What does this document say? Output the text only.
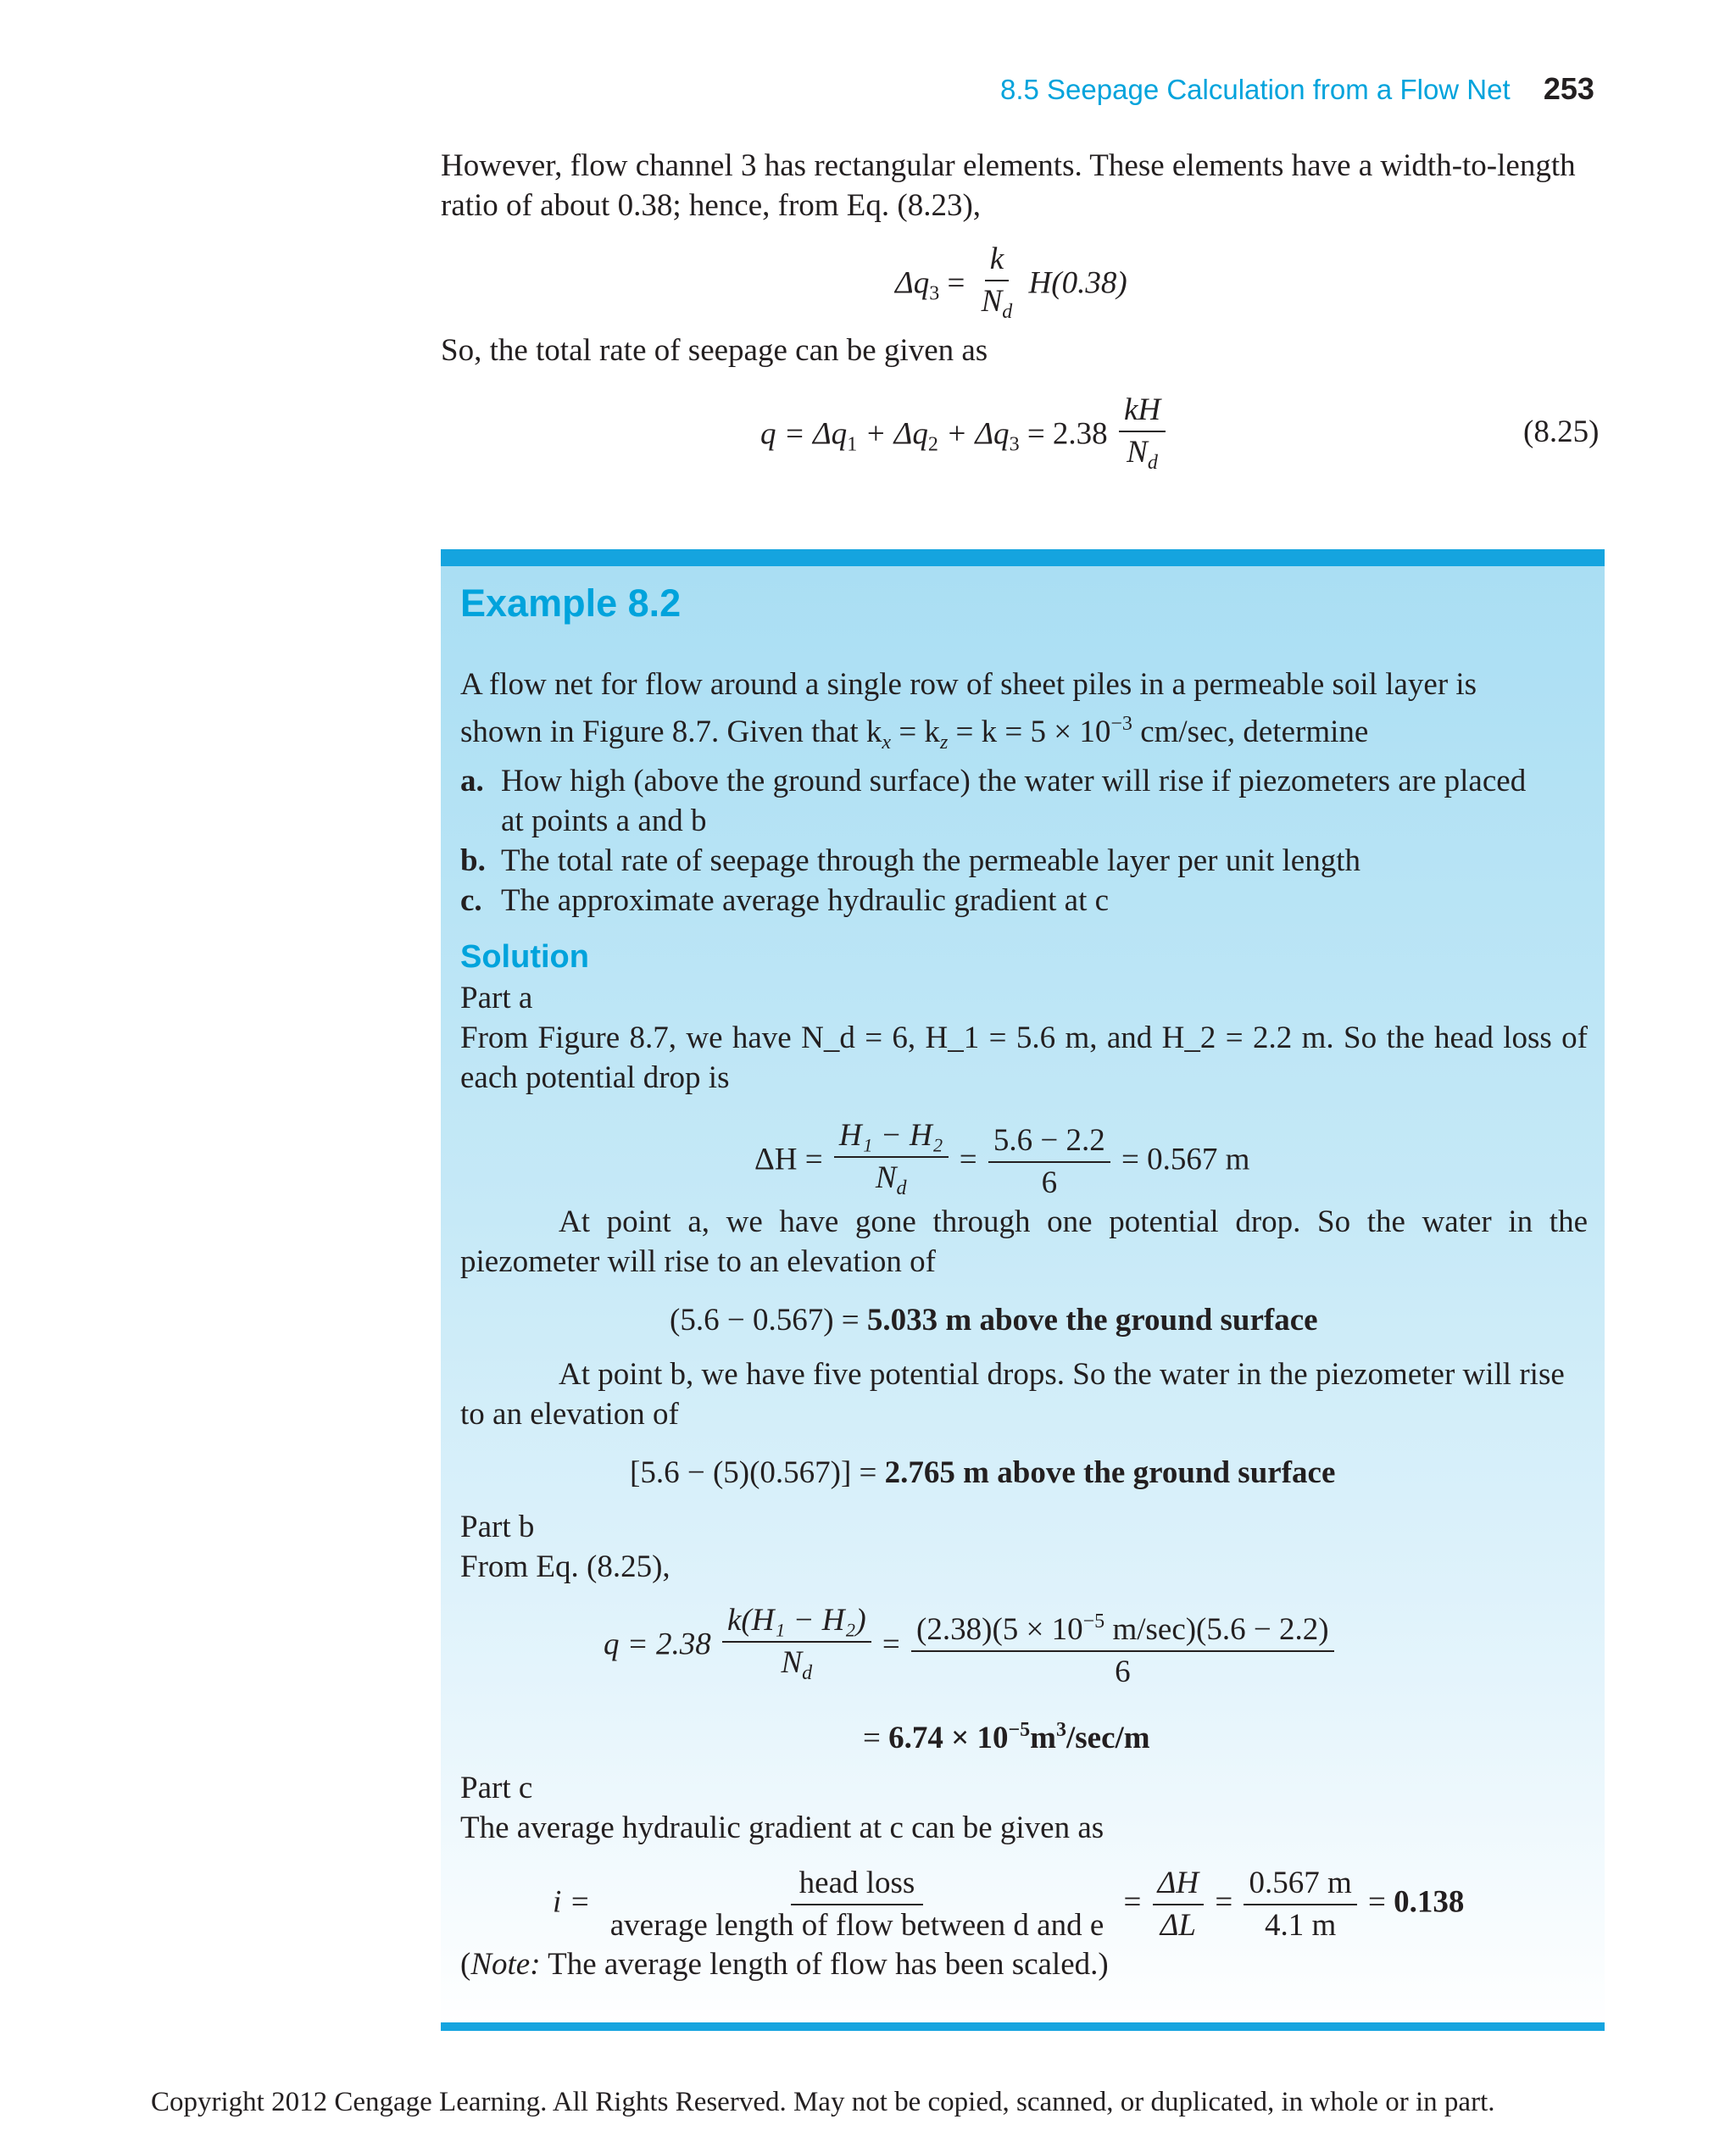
8.5 Seepage Calculation from a Flow Net 253
However, flow channel 3 has rectangular elements. These elements have a width-to-length ratio of about 0.38; hence, from Eq. (8.23),
$\Delta q_3 = \frac{k}{N_d} H(0.38)$
So, the total rate of seepage can be given as
$q = \Delta q_1 + \Delta q_2 + \Delta q_3 = 2.38 \frac{kH}{N_d}$	(8.25)
Example 8.2
A flow net for flow around a single row of sheet piles in a permeable soil layer is
shown in Figure 8.7. Given that $k_x = k_z = k = 5 \times 10^{-3}$ cm/sec, determine
a. How high (above the ground surface) the water will rise if piezometers are placed
at points a and b
b. The total rate of seepage through the permeable layer per unit length
c. The approximate average hydraulic gradient at c
Solution
Part a
From Figure 8.7, we have N_d = 6, H_1 = 5.6 m, and H_2 = 2.2 m. So the head loss of
each potential drop is
$\Delta H = \frac{\text{H₁ − H₂}}{N_d} = \frac{5.6 - 2.2}{6} = 0.567$ m
At point a, we have gone through one potential drop. So the water in the
piezometer will rise to an elevation of
(5.6 − 0.567) = 5.033 m above the ground surface
At point b, we have five potential drops. So the water in the piezometer will rise
to an elevation of
[5.6 − (5)(0.567)] = 2.765 m above the ground surface
Part b
From Eq. (8.25),
$q = 2.38 \frac{\text{k(H₁ − H₂)}}{N_d} = \frac{(2.38)(5 \times 10^{-5} m/\sec)(5.6 - 2.2)}{6}$
= $6.74 \times 10^{-5}m^3/\sec/m$
Part c
The average hydraulic gradient at c can be given as
$i = \frac{\text{head loss}}{\text{average length of flow between d and e}} = \frac{\Delta H}{\Delta L} = \frac{0.567 m}{4.1 m} = 0.138$
(Note: The average length of flow has been scaled.)
Copyright 2012 Cengage Learning. All Rights Reserved. May not be copied, scanned, or duplicated, in whole or in part.
